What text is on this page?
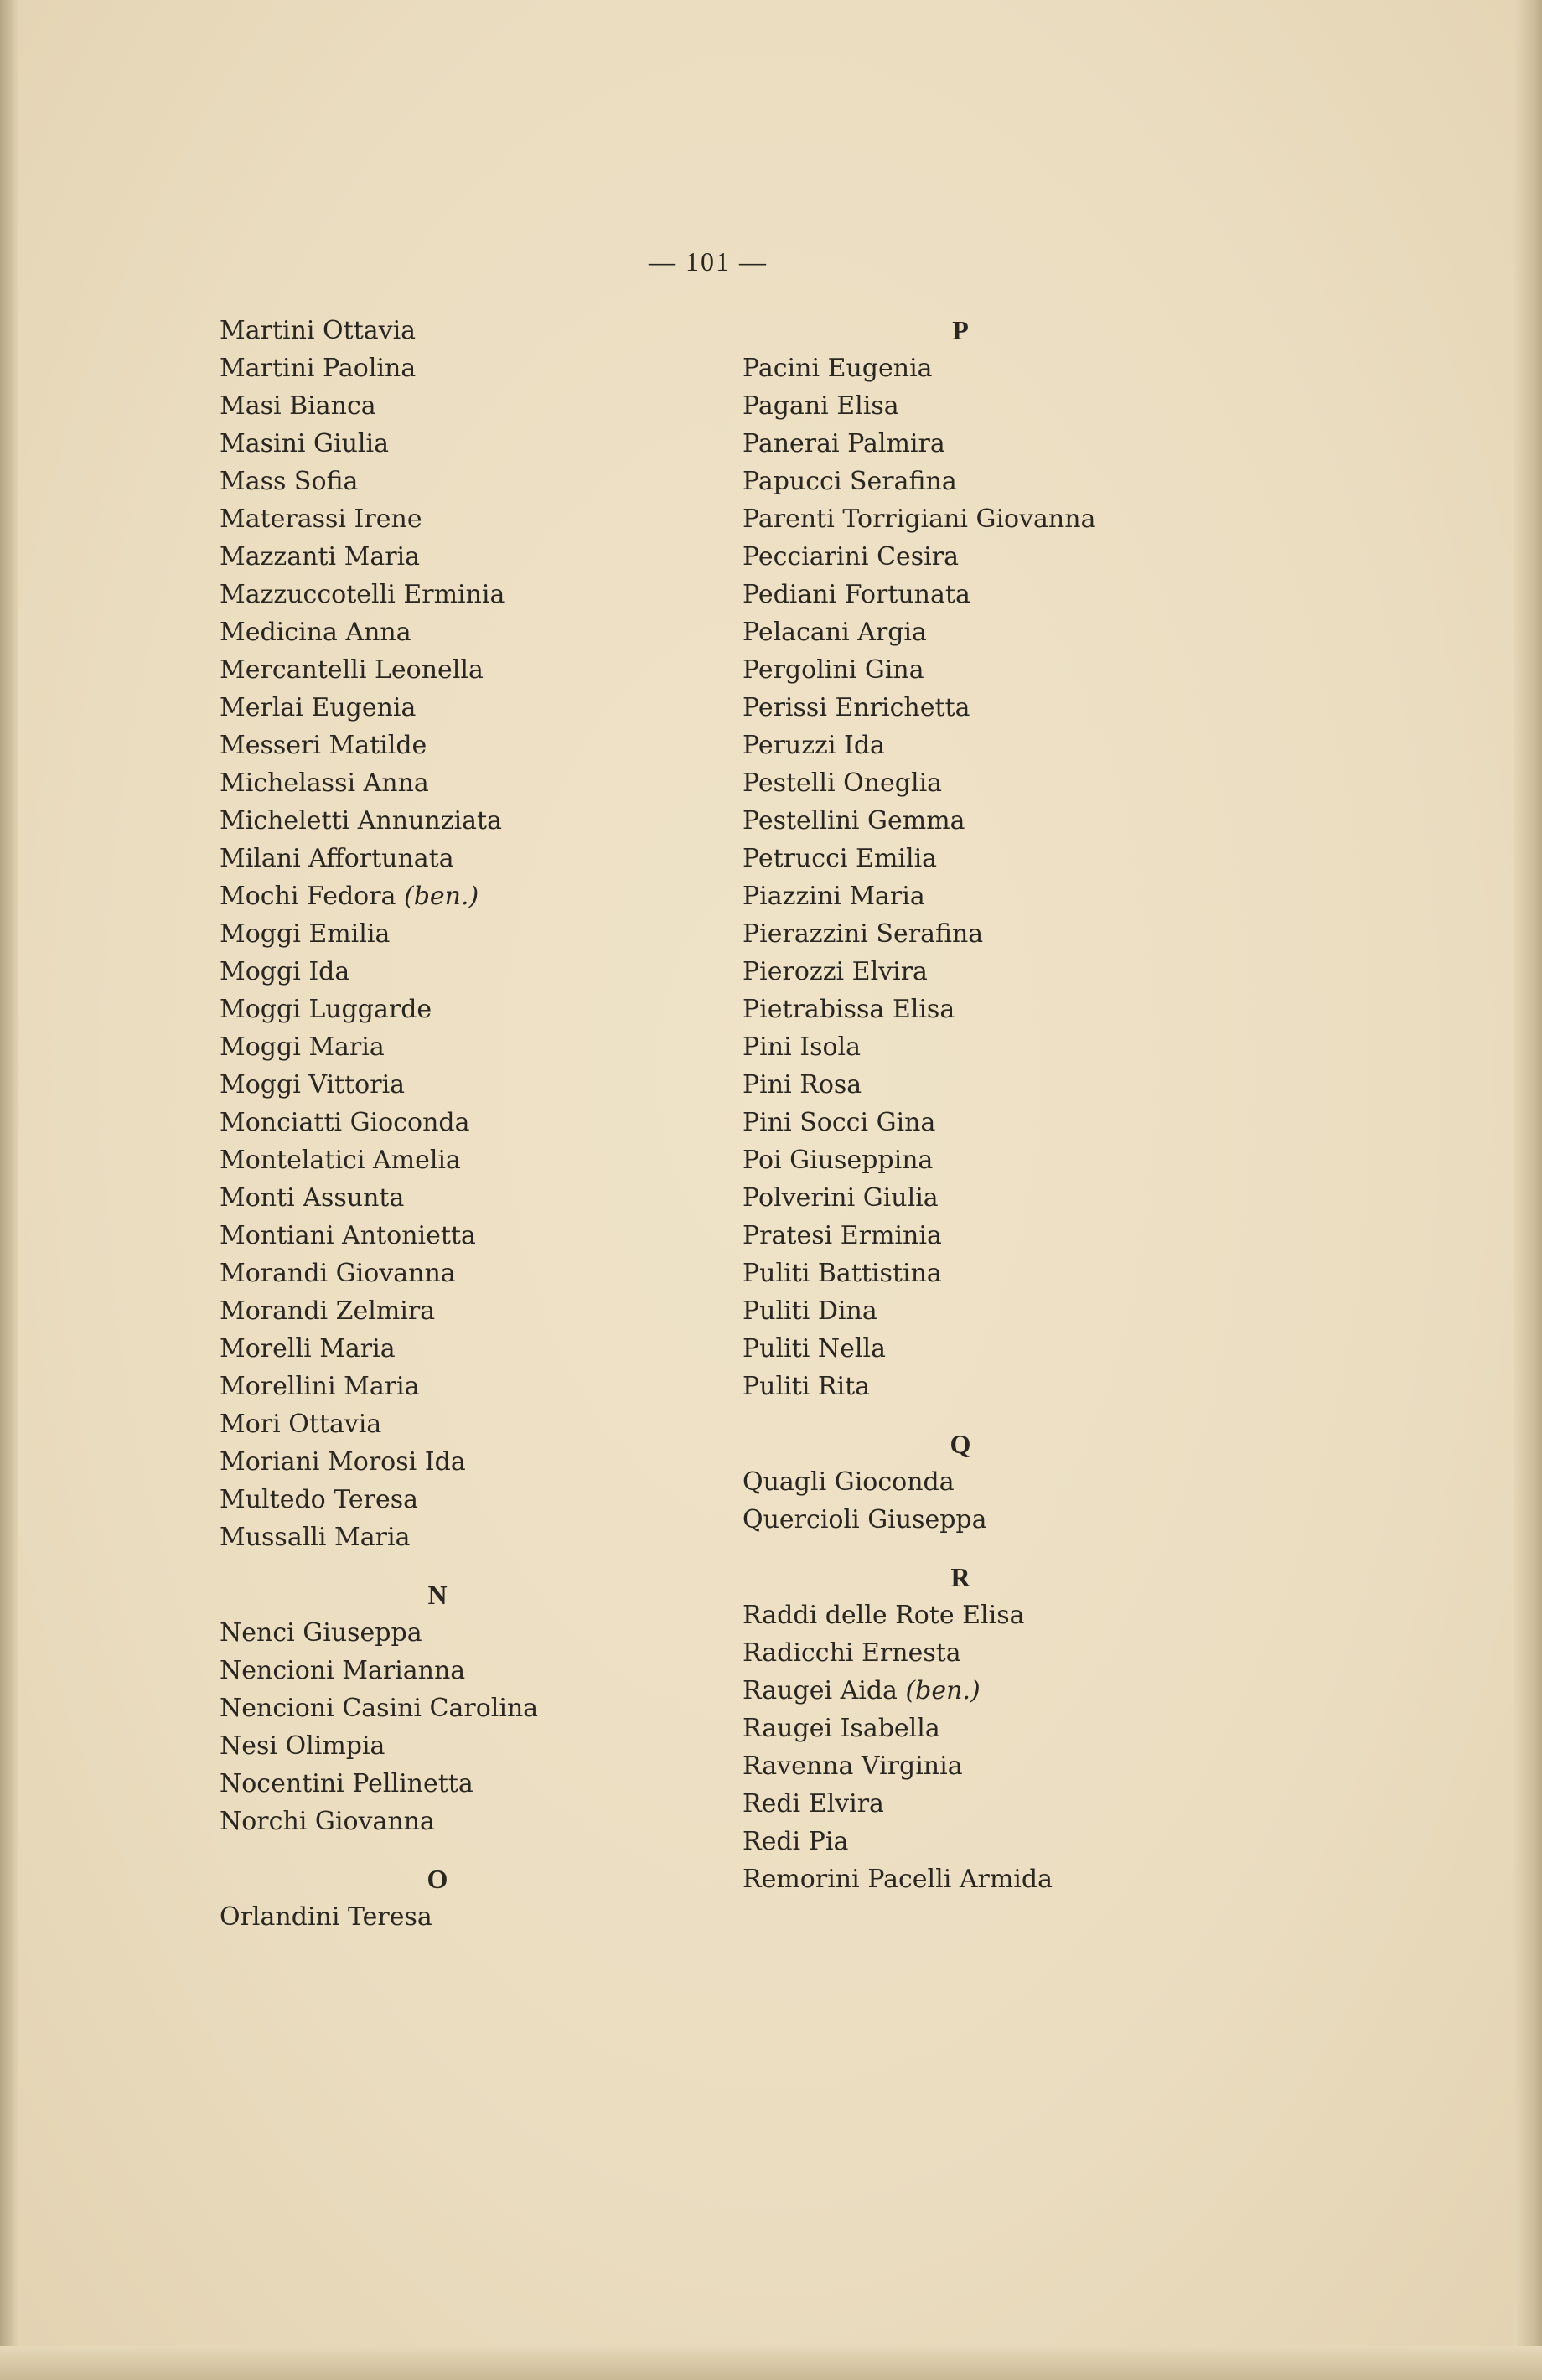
— 101 —
Martini Ottavia
Martini Paolina
Masi Bianca
Masini Giulia
Mass Sofia
Materassi Irene
Mazzanti Maria
Mazzuccotelli Erminia
Medicina Anna
Mercantelli Leonella
Merlai Eugenia
Messeri Matilde
Michelassi Anna
Micheletti Annunziata
Milani Affortunata
Mochi Fedora (ben.)
Moggi Emilia
Moggi Ida
Moggi Luggarde
Moggi Maria
Moggi Vittoria
Monciatti Gioconda
Montelatici Amelia
Monti Assunta
Montiani Antonietta
Morandi Giovanna
Morandi Zelmira
Morelli Maria
Morellini Maria
Mori Ottavia
Moriani Morosi Ida
Multedo Teresa
Mussalli Maria
N
Nenci Giuseppa
Nencioni Marianna
Nencioni Casini Carolina
Nesi Olimpia
Nocentini Pellinetta
Norchi Giovanna
O
Orlandini Teresa
P
Pacini Eugenia
Pagani Elisa
Panerai Palmira
Papucci Serafina
Parenti Torrigiani Giovanna
Pecciarini Cesira
Pediani Fortunata
Pelacani Argia
Pergolini Gina
Perissi Enrichetta
Peruzzi Ida
Pestelli Oneglia
Pestellini Gemma
Petrucci Emilia
Piazzini Maria
Pierazzini Serafina
Pierozzi Elvira
Pietrabissa Elisa
Pini Isola
Pini Rosa
Pini Socci Gina
Poi Giuseppina
Polverini Giulia
Pratesi Erminia
Puliti Battistina
Puliti Dina
Puliti Nella
Puliti Rita
Q
Quagli Gioconda
Quercioli Giuseppa
R
Raddi delle Rote Elisa
Radicchi Ernesta
Raugei Aida (ben.)
Raugei Isabella
Ravenna Virginia
Redi Elvira
Redi Pia
Remorini Pacelli Armida
